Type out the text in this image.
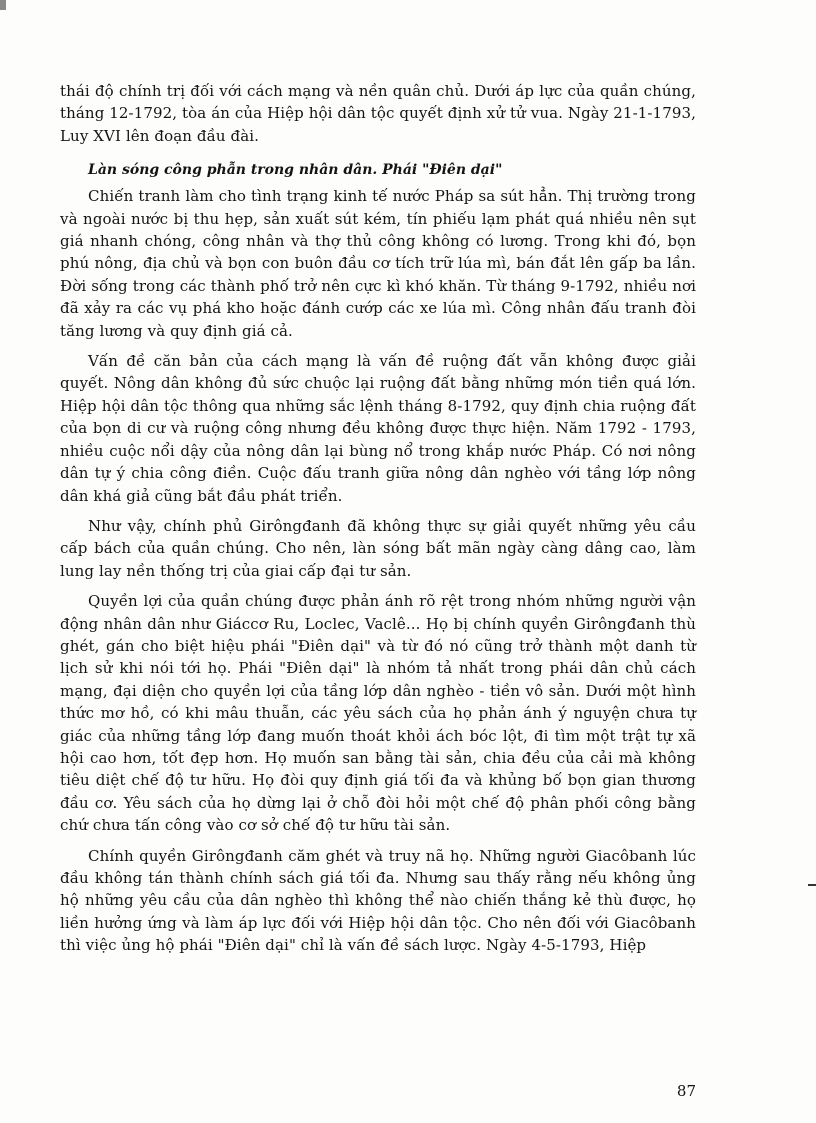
thái độ chính trị đối với cách mạng và nền quân chủ. Dưới áp lực của quần chúng, tháng 12-1792, tòa án của Hiệp hội dân tộc quyết định xử tử vua. Ngày 21-1-1793, Luy XVI lên đoạn đầu đài.

Làn sóng công phẫn trong nhân dân. Phái "Điên dại"

Chiến tranh làm cho tình trạng kinh tế nước Pháp sa sút hẳn. Thị trường trong và ngoài nước bị thu hẹp, sản xuất sút kém, tín phiếu lạm phát quá nhiều nên sụt giá nhanh chóng, công nhân và thợ thủ công không có lương. Trong khi đó, bọn phú nông, địa chủ và bọn con buôn đầu cơ tích trữ lúa mì, bán đắt lên gấp ba lần. Đời sống trong các thành phố trở nên cực kì khó khăn. Từ tháng 9-1792, nhiều nơi đã xảy ra các vụ phá kho hoặc đánh cướp các xe lúa mì. Công nhân đấu tranh đòi tăng lương và quy định giá cả.

Vấn đề căn bản của cách mạng là vấn đề ruộng đất vẫn không được giải quyết. Nông dân không đủ sức chuộc lại ruộng đất bằng những món tiền quá lớn. Hiệp hội dân tộc thông qua những sắc lệnh tháng 8-1792, quy định chia ruộng đất của bọn di cư và ruộng công nhưng đều không được thực hiện. Năm 1792 - 1793, nhiều cuộc nổi dậy của nông dân lại bùng nổ trong khắp nước Pháp. Có nơi nông dân tự ý chia công điền. Cuộc đấu tranh giữa nông dân nghèo với tầng lớp nông dân khá giả cũng bắt đầu phát triển.

Như vậy, chính phủ Girôngđanh đã không thực sự giải quyết những yêu cầu cấp bách của quần chúng. Cho nên, làn sóng bất mãn ngày càng dâng cao, làm lung lay nền thống trị của giai cấp đại tư sản.

Quyền lợi của quần chúng được phản ánh rõ rệt trong nhóm những người vận động nhân dân như Giáccơ Ru, Loclec, Vaclê... Họ bị chính quyền Girôngđanh thù ghét, gán cho biệt hiệu phái "Điên dại" và từ đó nó cũng trở thành một danh từ lịch sử khi nói tới họ. Phái "Điên dại" là nhóm tả nhất trong phái dân chủ cách mạng, đại diện cho quyền lợi của tầng lớp dân nghèo - tiền vô sản. Dưới một hình thức mơ hồ, có khi mâu thuẫn, các yêu sách của họ phản ánh ý nguyện chưa tự giác của những tầng lớp đang muốn thoát khỏi ách bóc lột, đi tìm một trật tự xã hội cao hơn, tốt đẹp hơn. Họ muốn san bằng tài sản, chia đều của cải mà không tiêu diệt chế độ tư hữu. Họ đòi quy định giá tối đa và khủng bố bọn gian thương đầu cơ. Yêu sách của họ dừng lại ở chỗ đòi hỏi một chế độ phân phối công bằng chứ chưa tấn công vào cơ sở chế độ tư hữu tài sản.

Chính quyền Girôngđanh căm ghét và truy nã họ. Những người Giacôbanh lúc đầu không tán thành chính sách giá tối đa. Nhưng sau thấy rằng nếu không ủng hộ những yêu cầu của dân nghèo thì không thể nào chiến thắng kẻ thù được, họ liền hưởng ứng và làm áp lực đối với Hiệp hội dân tộc. Cho nên đối với Giacôbanh thì việc ủng hộ phái "Điên dại" chỉ là vấn đề sách lược. Ngày 4-5-1793, Hiệp

87
